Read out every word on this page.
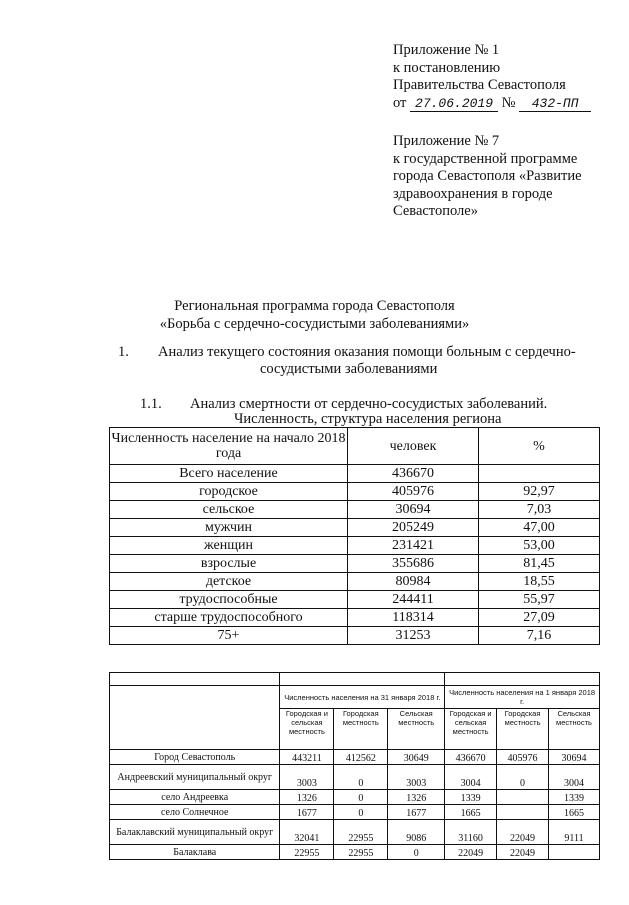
Приложение № 1
к постановлению
Правительства Севастополя
от 27.06.2019 № 432-ПП
Приложение № 7
к государственной программе
города Севастополя «Развитие
здравоохранения в городе
Севастополе»
Региональная программа города Севастополя
«Борьба с сердечно-сосудистыми заболеваниями»
1. Анализ текущего состояния оказания помощи больным с сердечно-
сосудистыми заболеваниями
1.1. Анализ смертности от сердечно-сосудистых заболеваний.
Численность, структура населения региона
Численность население на начало 2018 года	человек	%
Всего население	436670	
городское	405976	92,97
сельское	30694	7,03
мужчин	205249	47,00
женщин	231421	53,00
взрослые	355686	81,45
детское	80984	18,55
трудоспособные	244411	55,97
старше трудоспособного	118314	27,09
75+	31253	7,16

	Численность населения на 31 января 2018 г.			Численность населения на 1 января 2018 г.		
	Городская и сельская местность	Городская местность	Сельская местность	Городская и сельская местность	Городская местность	Сельская местность
Город Севастополь	443211	412562	30649	436670	405976	30694
Андреевский муниципальный округ	3003	0	3003	3004	0	3004
село Андреевка	1326	0	1326	1339		1339
село Солнечное	1677	0	1677	1665		1665
Балаклавский муниципальный округ	32041	22955	9086	31160	22049	9111
Балаклава	22955	22955	0	22049	22049	
